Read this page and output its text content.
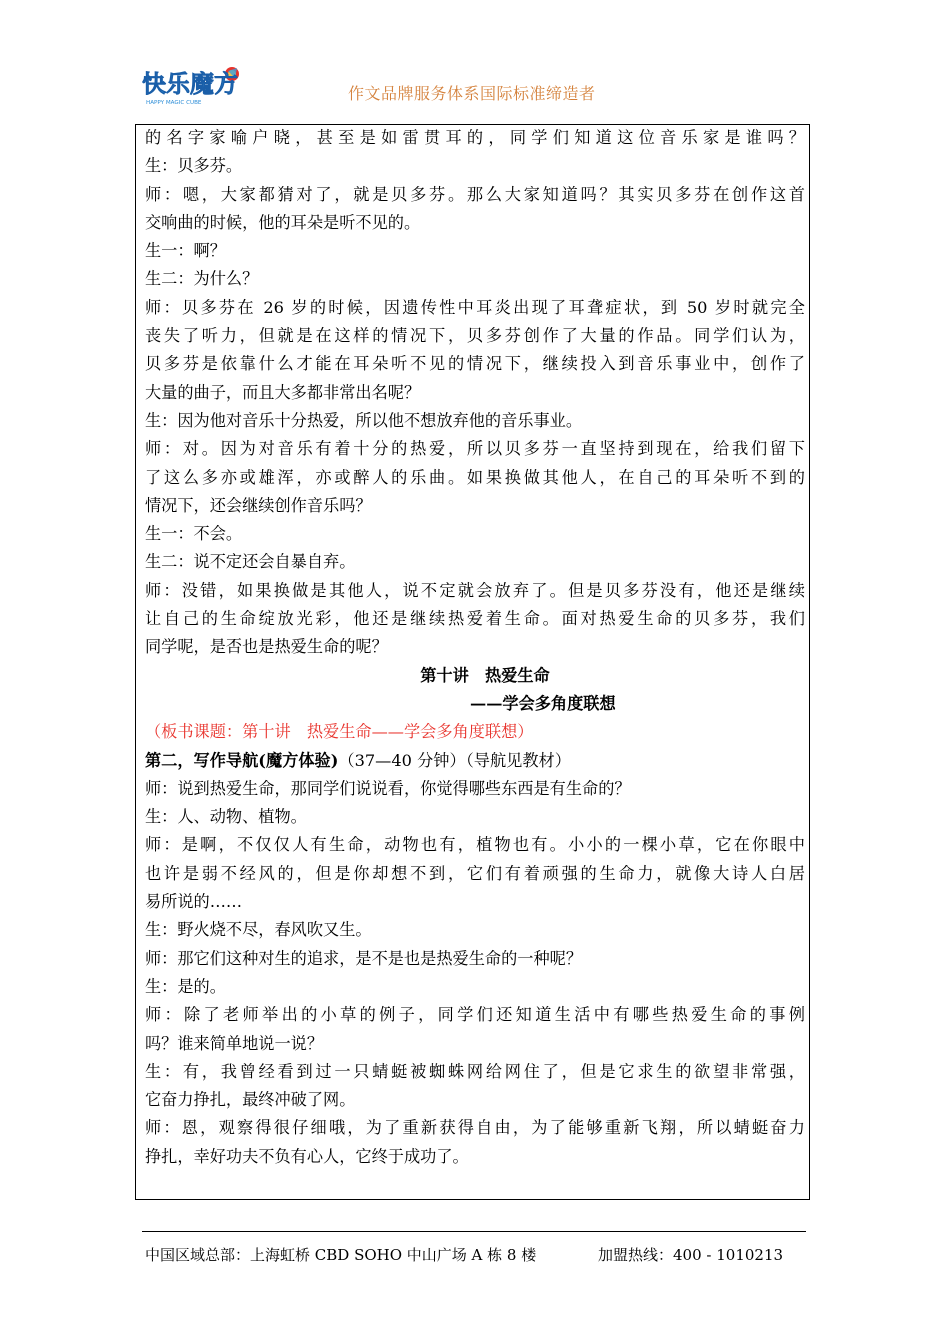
快乐魔方
HAPPY MAGIC CUBE	作文品牌服务体系国际标准缔造者
的名字家喻户晓，甚至是如雷贯耳的，同学们知道这位音乐家是谁吗？
生：贝多芬。
师：嗯，大家都猜对了，就是贝多芬。那么大家知道吗？其实贝多芬在创作这首
交响曲的时候，他的耳朵是听不见的。
生一：啊？
生二：为什么？
师：贝多芬在 26 岁的时候，因遗传性中耳炎出现了耳聋症状，到 50 岁时就完全
丧失了听力，但就是在这样的情况下，贝多芬创作了大量的作品。同学们认为，
贝多芬是依靠什么才能在耳朵听不见的情况下，继续投入到音乐事业中，创作了
大量的曲子，而且大多都非常出名呢？
生：因为他对音乐十分热爱，所以他不想放弃他的音乐事业。
师：对。因为对音乐有着十分的热爱，所以贝多芬一直坚持到现在，给我们留下
了这么多亦或雄浑，亦或醉人的乐曲。如果换做其他人，在自己的耳朵听不到的
情况下，还会继续创作音乐吗？
生一：不会。
生二：说不定还会自暴自弃。
师：没错，如果换做是其他人，说不定就会放弃了。但是贝多芬没有，他还是继续
让自己的生命绽放光彩，他还是继续热爱着生命。面对热爱生命的贝多芬，我们
同学呢，是否也是热爱生命的呢？
第十讲　热爱生命
——学会多角度联想
（板书课题：第十讲　热爱生命——学会多角度联想）
第二，写作导航(魔方体验)（37—40 分钟）（导航见教材）
师：说到热爱生命，那同学们说说看，你觉得哪些东西是有生命的？
生：人、动物、植物。
师：是啊，不仅仅人有生命，动物也有，植物也有。小小的一棵小草，它在你眼中
也许是弱不经风的，但是你却想不到，它们有着顽强的生命力，就像大诗人白居
易所说的……
生：野火烧不尽，春风吹又生。
师：那它们这种对生的追求，是不是也是热爱生命的一种呢？
生：是的。
师：除了老师举出的小草的例子，同学们还知道生活中有哪些热爱生命的事例
吗？谁来简单地说一说？
生：有，我曾经看到过一只蜻蜓被蜘蛛网给网住了，但是它求生的欲望非常强，
它奋力挣扎，最终冲破了网。
师：恩，观察得很仔细哦，为了重新获得自由，为了能够重新飞翔，所以蜻蜓奋力
挣扎，幸好功夫不负有心人，它终于成功了。
中国区域总部：上海虹桥 CBD SOHO 中山广场 A 栋 8 楼	加盟热线：400 - 1010213
